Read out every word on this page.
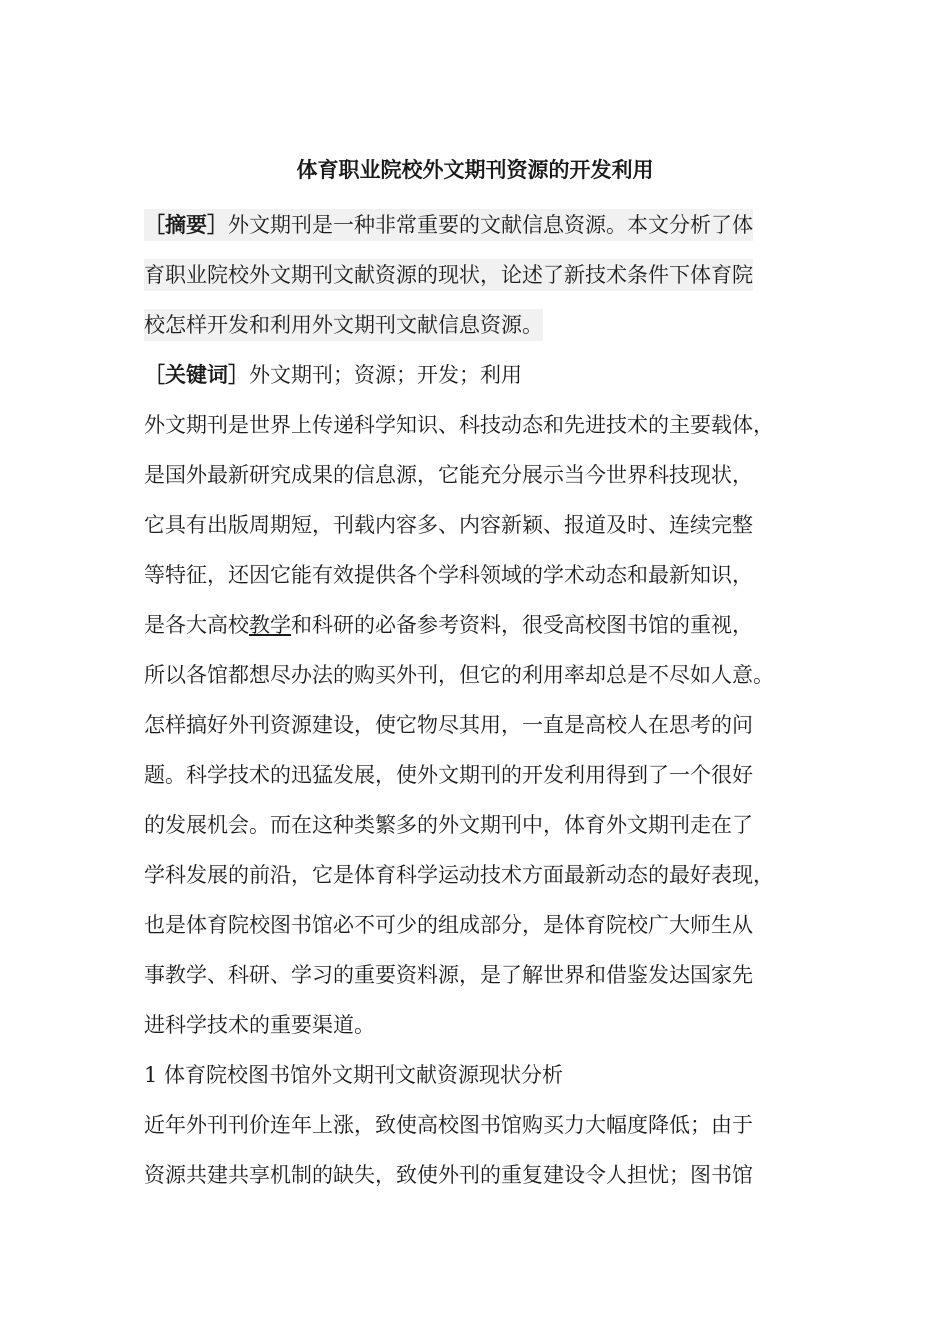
体育职业院校外文期刊资源的开发利用
［摘要］外文期刊是一种非常重要的文献信息资源。本文分析了体
育职业院校外文期刊文献资源的现状，论述了新技术条件下体育院
校怎样开发和利用外文期刊文献信息资源。
［关键词］外文期刊；资源；开发；利用
外文期刊是世界上传递科学知识、科技动态和先进技术的主要载体，
是国外最新研究成果的信息源，它能充分展示当今世界科技现状，
它具有出版周期短，刊载内容多、内容新颖、报道及时、连续完整
等特征，还因它能有效提供各个学科领域的学术动态和最新知识，
是各大高校教学和科研的必备参考资料，很受高校图书馆的重视，
所以各馆都想尽办法的购买外刊，但它的利用率却总是不尽如人意。
怎样搞好外刊资源建设，使它物尽其用，一直是高校人在思考的问
题。科学技术的迅猛发展，使外文期刊的开发利用得到了一个很好
的发展机会。而在这种类繁多的外文期刊中，体育外文期刊走在了
学科发展的前沿，它是体育科学运动技术方面最新动态的最好表现，
也是体育院校图书馆必不可少的组成部分，是体育院校广大师生从
事教学、科研、学习的重要资料源，是了解世界和借鉴发达国家先
进科学技术的重要渠道。
1 体育院校图书馆外文期刊文献资源现状分析
近年外刊刊价连年上涨，致使高校图书馆购买力大幅度降低；由于
资源共建共享机制的缺失，致使外刊的重复建设令人担忧；图书馆
